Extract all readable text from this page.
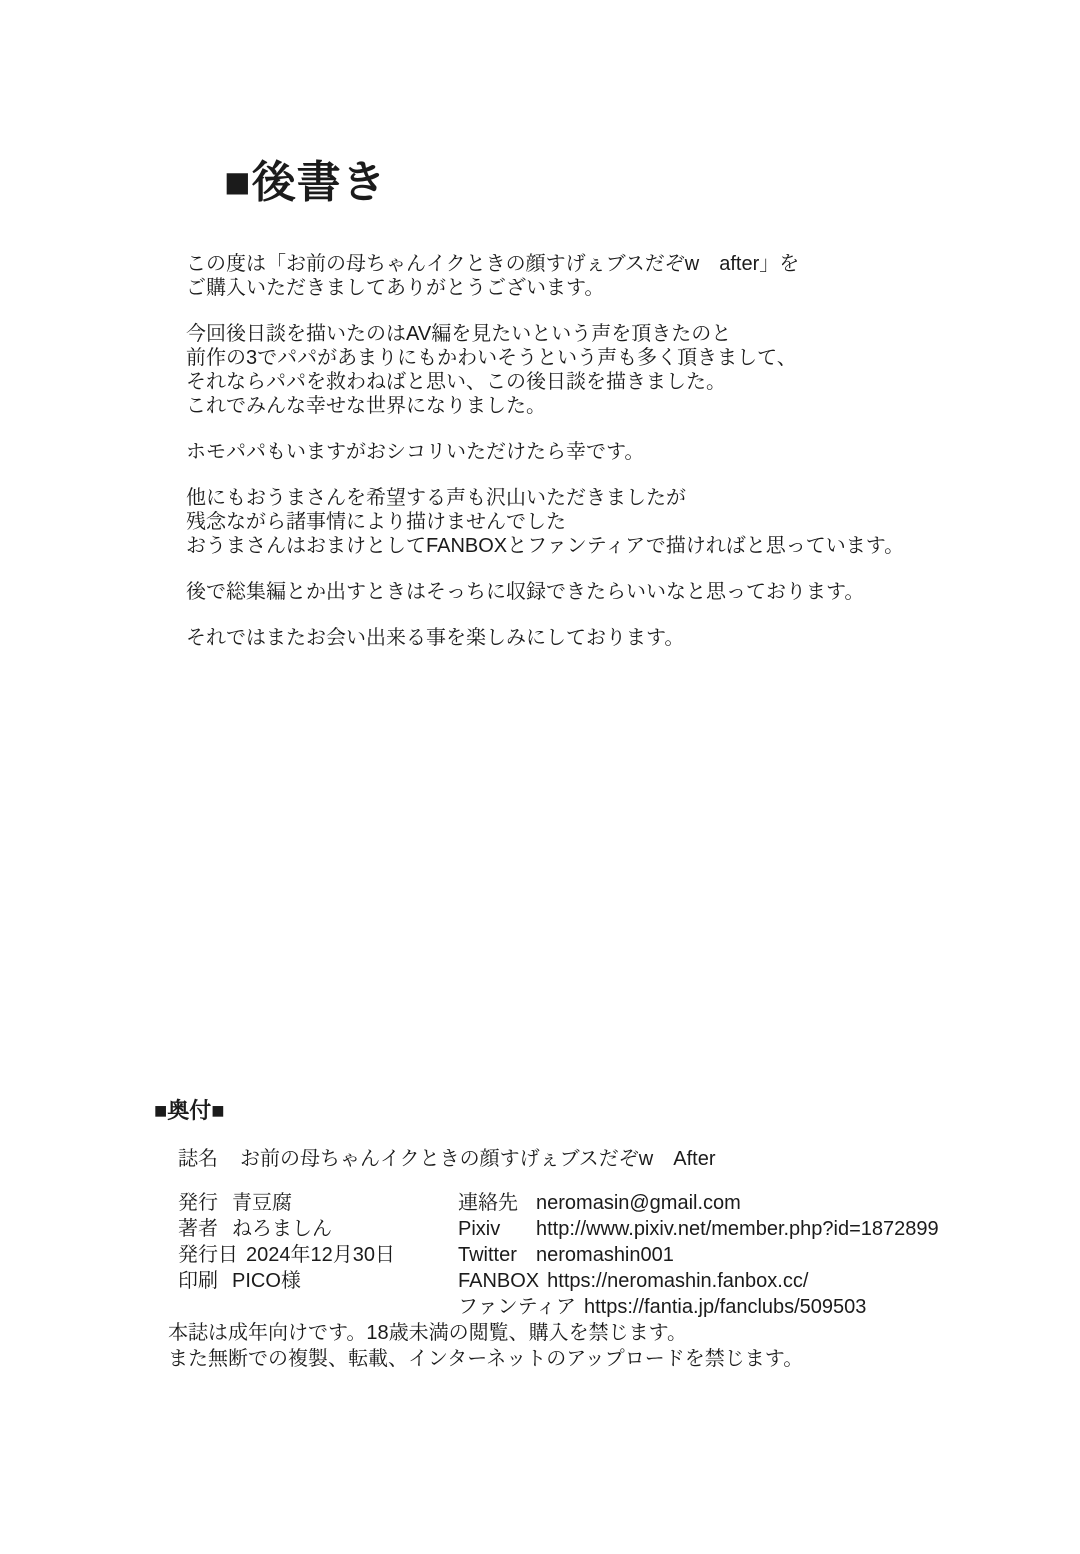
■後書き

この度は「お前の母ちゃんイクときの顔すげぇブスだぞw　after」を
ご購入いただきましてありがとうございます。

今回後日談を描いたのはAV編を見たいという声を頂きたのと
前作の3でパパがあまりにもかわいそうという声も多く頂きまして、
それならパパを救わねばと思い、この後日談を描きました。
これでみんな幸せな世界になりました。

ホモパパもいますがおシコリいただけたら幸です。

他にもおうまさんを希望する声も沢山いただきましたが
残念ながら諸事情により描けませんでした
おうまさんはおまけとしてFANBOXとファンティアで描ければと思っています。

後で総集編とか出すときはそっちに収録できたらいいなと思っております。

それではまたお会い出来る事を楽しみにしております。

■奥付■
誌名 お前の母ちゃんイクときの顔すげぇブスだぞw　After
発行 青豆腐
著者 ねろましん
発行日 2024年12月30日
印刷 PICO様
連絡先 neromasin@gmail.com
Pixiv	http://www.pixiv.net/member.php?id=1872899
Twitter neromashin001
FANBOX https://neromashin.fanbox.cc/
ファンティア https://fantia.jp/fanclubs/509503
本誌は成年向けです。18歳未満の閲覧、購入を禁じます。
また無断での複製、転載、インターネットのアップロードを禁じます。
